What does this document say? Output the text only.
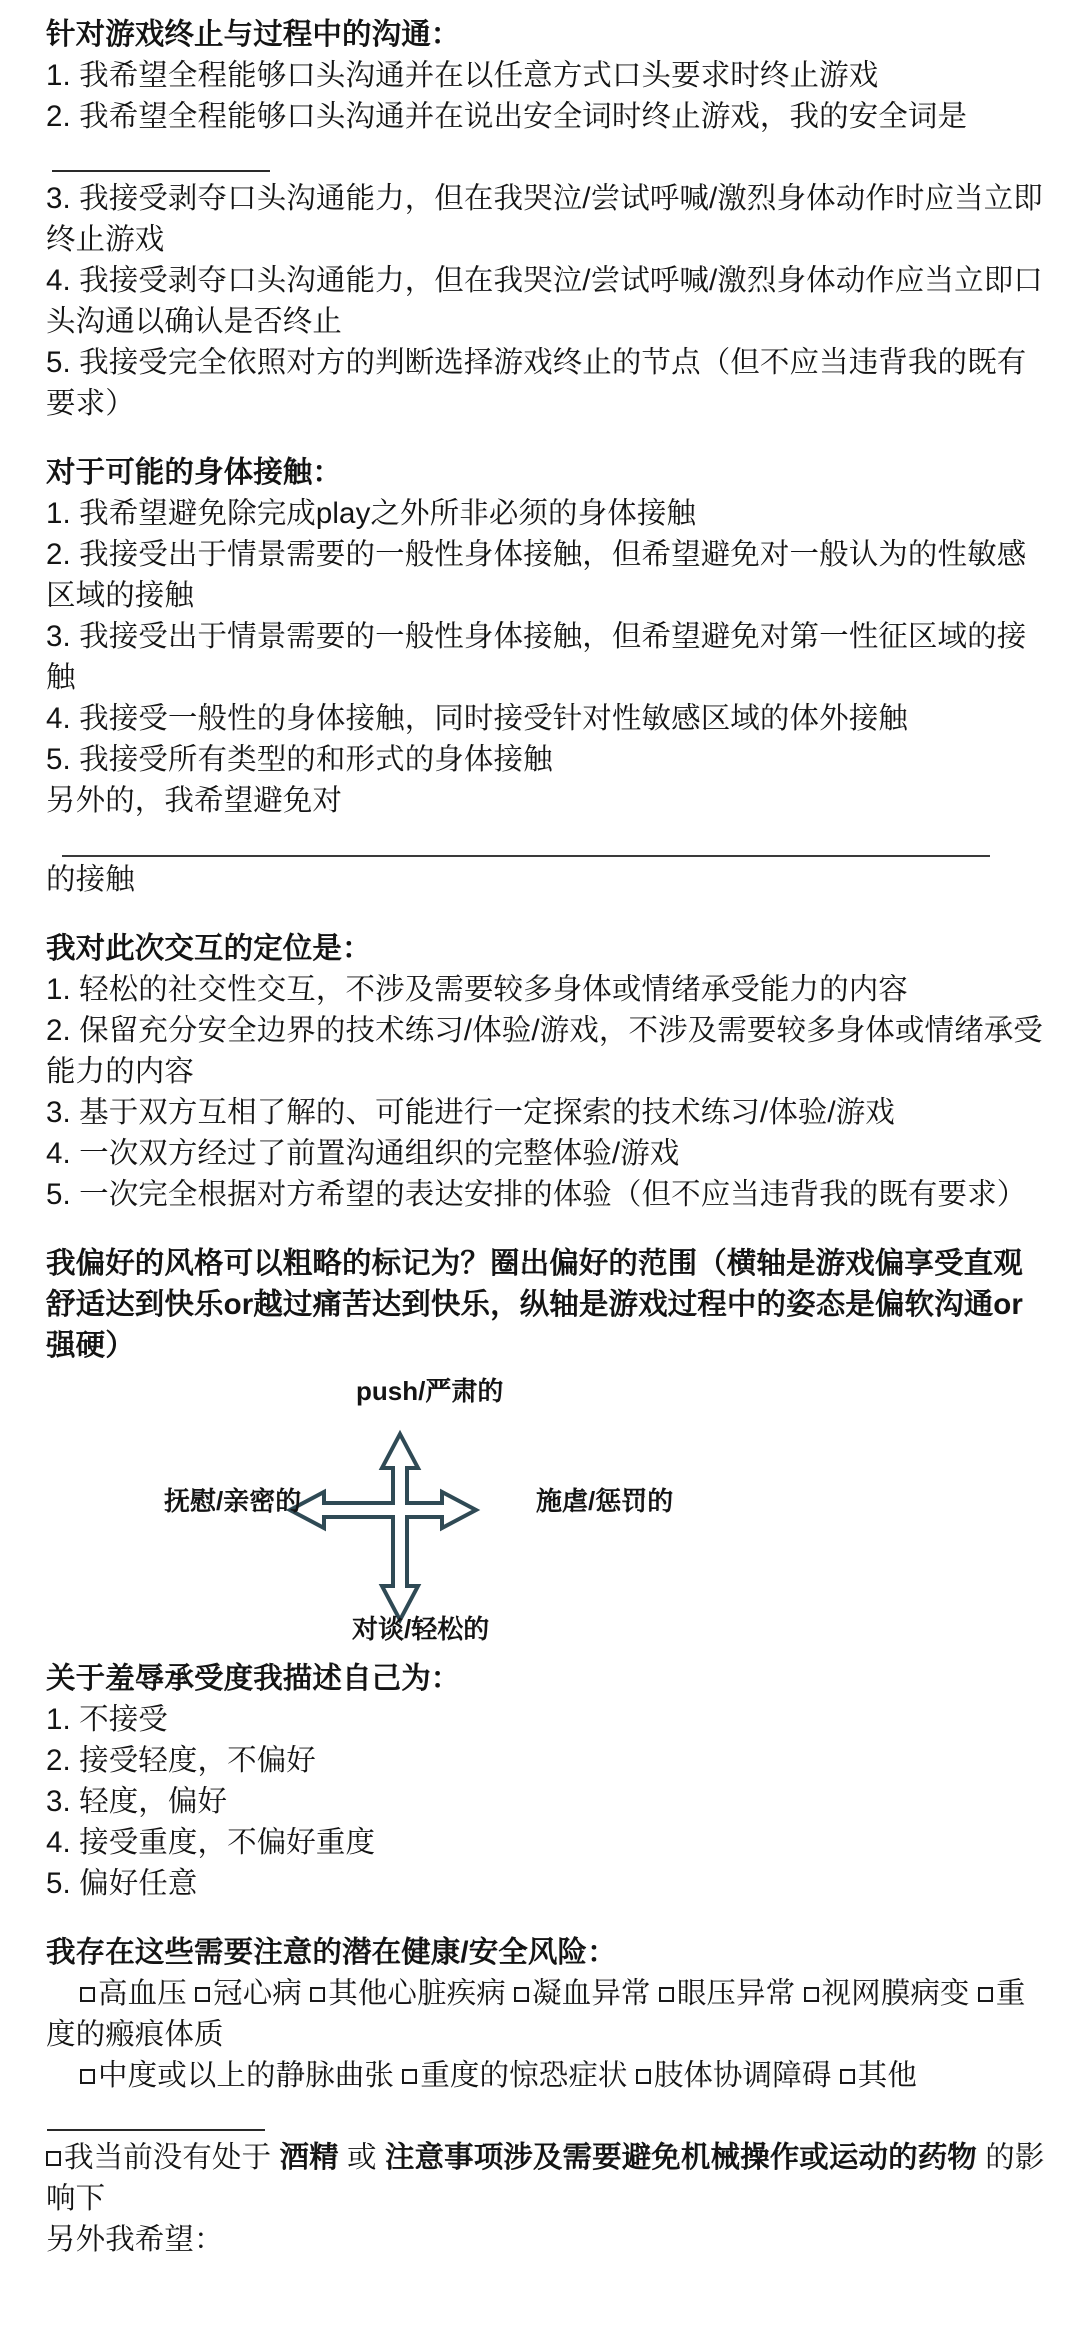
针对游戏终止与过程中的沟通：
1. 我希望全程能够口头沟通并在以任意方式口头要求时终止游戏
2. 我希望全程能够口头沟通并在说出安全词时终止游戏，我的安全词是
3. 我接受剥夺口头沟通能力，但在我哭泣/尝试呼喊/激烈身体动作时应当立即终止游戏
4. 我接受剥夺口头沟通能力，但在我哭泣/尝试呼喊/激烈身体动作应当立即口头沟通以确认是否终止
5. 我接受完全依照对方的判断选择游戏终止的节点（但不应当违背我的既有要求）
对于可能的身体接触：
1. 我希望避免除完成play之外所非必须的身体接触
2. 我接受出于情景需要的一般性身体接触，但希望避免对一般认为的性敏感区域的接触
3. 我接受出于情景需要的一般性身体接触，但希望避免对第一性征区域的接触
4. 我接受一般性的身体接触，同时接受针对性敏感区域的体外接触
5. 我接受所有类型的和形式的身体接触
另外的，我希望避免对
的接触
我对此次交互的定位是：
1. 轻松的社交性交互，不涉及需要较多身体或情绪承受能力的内容
2. 保留充分安全边界的技术练习/体验/游戏，不涉及需要较多身体或情绪承受能力的内容
3. 基于双方互相了解的、可能进行一定探索的技术练习/体验/游戏
4. 一次双方经过了前置沟通组织的完整体验/游戏
5. 一次完全根据对方希望的表达安排的体验（但不应当违背我的既有要求）
我偏好的风格可以粗略的标记为？圈出偏好的范围（横轴是游戏偏享受直观舒适达到快乐or越过痛苦达到快乐，纵轴是游戏过程中的姿态是偏软沟通or强硬）
push/严肃的
对谈/轻松的
抚慰/亲密的	施虐/惩罚的
关于羞辱承受度我描述自己为：
1. 不接受
2. 接受轻度，不偏好
3. 轻度，偏好
4. 接受重度，不偏好重度
5. 偏好任意
我存在这些需要注意的潜在健康/安全风险：
高血压 冠心病 其他心脏疾病 凝血异常 眼压异常 视网膜病变 重度的瘢痕体质
中度或以上的静脉曲张 重度的惊恐症状 肢体协调障碍 其他
我当前没有处于 酒精 或 注意事项涉及需要避免机械操作或运动的药物 的影响下
另外我希望：
